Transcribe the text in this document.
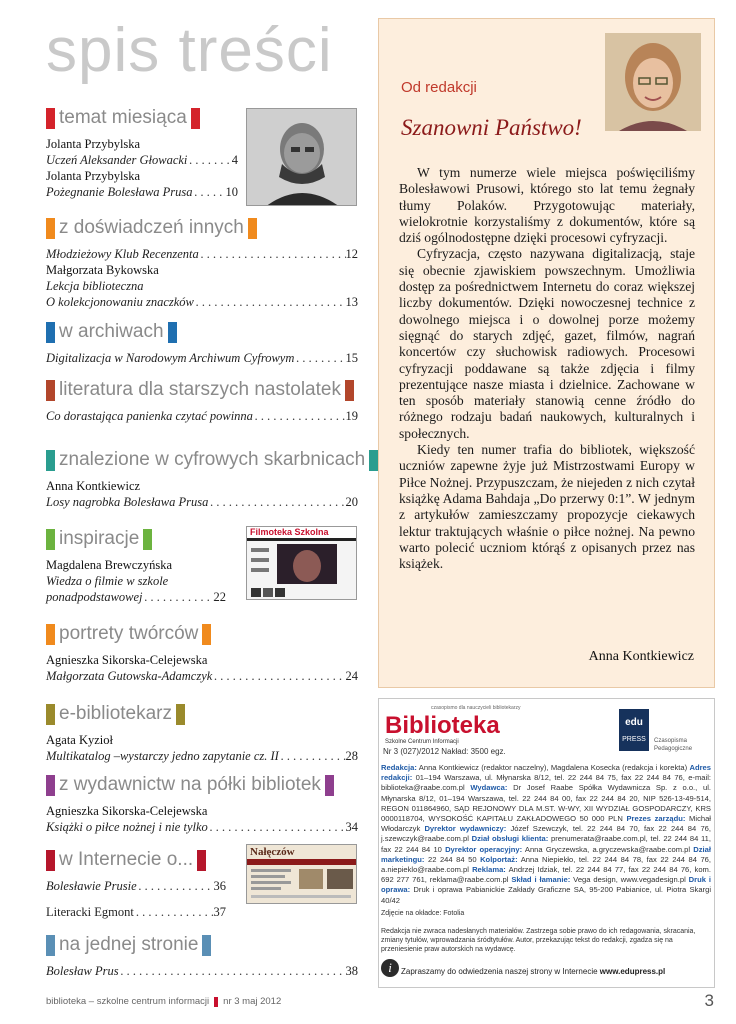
spis treści
temat miesiąca
Jolanta Przybylska
Uczeń Aleksander Głowacki . . .	4
Jolanta Przybylska
Pożegnanie Bolesława Prusa . . .	10
z doświadczeń innych
Młodzieżowy Klub Recenzenta . . .	12
Małgorzata Bykowska
Lekcja biblioteczna
O kolekcjonowaniu znaczków . . .	13
w archiwach
Digitalizacja w Narodowym Archiwum Cyfrowym . . .	15
literatura dla starszych nastolatek
Co dorastająca panienka czytać powinna . . .	19
znalezione w cyfrowych skarbnicach
Anna Kontkiewicz
Losy nagrobka Bolesława Prusa . . .	20
inspiracje
Magdalena Brewczyńska
Wiedza o filmie w szkole
ponadpodstawowej . . .	22
portrety twórców
Agnieszka Sikorska-Celejewska
Małgorzata Gutowska-Adamczyk . . .	24
e-bibliotekarz
Agata Kyzioł
Multikatalog –wystarczy jedno zapytanie cz. II . . .	28
z wydawnictw na półki bibliotek
Agnieszka Sikorska-Celejewska
Książki o piłce nożnej i nie tylko . . .	34
w Internecie o...
Bolesławie Prusie . . .	36
Literacki Egmont . . .	37
na jednej stronie
Bolesław Prus . . .	38
Filmoteka Szkolna
Nałęczów
Od redakcji
Szanowni Państwo!

W tym numerze wiele miejsca poświęciliśmy Bolesławowi Prusowi, którego sto lat temu żegnały tłumy Polaków. Przygotowując materiały, wielokrotnie korzystaliśmy z dokumentów, które są dziś ogólnodostępne dzięki procesowi cyfryzacji.

Cyfryzacja, często nazywana digitalizacją, staje się obecnie zjawiskiem powszechnym. Umożliwia dostęp za pośrednictwem Internetu do coraz większej liczby dokumentów. Dzięki nowoczesnej technice z dowolnego miejsca i o dowolnej porze możemy sięgnąć do starych zdjęć, gazet, filmów, nagrań koncertów czy słuchowisk radiowych. Procesowi cyfryzacji poddawane są także zdjęcia i filmy prezentujące nasze miasta i dzielnice. Zachowane w ten sposób materiały stanowią cenne źródło do różnego rodzaju badań naukowych, kulturalnych i społecznych.

Kiedy ten numer trafia do bibliotek, większość uczniów zapewne żyje już Mistrzostwami Europy w Piłce Nożnej. Przypuszczam, że niejeden z nich czytał książkę Adama Bahdaja „Do przerwy 0:1”. W jednym z artykułów zamieszczamy propozycje ciekawych lektur traktujących właśnie o piłce nożnej. Na pewno warto polecić uczniom którąś z opisanych przez nas książek.

Anna Kontkiewicz
czasopismo dla nauczycieli bibliotekarzy
Biblioteka
Szkolne Centrum Informacji
Nr 3 (027)/2012 Nakład: 3500 egz.
edu
PRESS	Czasopisma Pedagogiczne
Redakcja: Anna Kontkiewicz (redaktor naczelny), Magdalena Kosecka (redakcja i korekta) Adres redakcji: 01–194 Warszawa, ul. Młynarska 8/12, tel. 22 244 84 75, fax 22 244 84 76, e-mail: biblioteka@raabe.com.pl Wydawca: Dr Josef Raabe Spółka Wydawnicza Sp. z o.o., ul. Młynarska 8/12, 01–194 Warszawa, tel. 22 244 84 00, fax 22 244 84 20, NIP 526-13-49-514, REGON 011864960, SĄD REJONOWY DLA M.ST. W-WY, XII WYDZIAŁ GOSPODARCZY, KRS 0000118704, WYSOKOŚĆ KAPITAŁU ZAKŁADOWEGO 50 000 PLN Prezes zarządu: Michał Włodarczyk Dyrektor wydawniczy: Józef Szewczyk, tel. 22 244 84 70, fax 22 244 84 76, j.szewczyk@raabe.com.pl Dział obsługi klienta: prenumerata@raabe.com.pl, tel. 22 244 84 11, fax 22 244 84 10 Dyrektor operacyjny: Anna Gryczewska, a.gryczewska@raabe.com.pl Dział marketingu: 22 244 84 50 Kolportaż: Anna Niepiekło, tel. 22 244 84 78, fax 22 244 84 76, a.niepieklo@raabe.com.pl Reklama: Andrzej Idziak, tel. 22 244 84 77, fax 22 244 84 76, kom. 692 277 761, reklama@raabe.com.pl Skład i łamanie: Vega design, www.vegadesign.pl Druk i oprawa: Druk i oprawa Pabianickie Zakłady Graficzne SA, 95-200 Pabianice, ul. Piotra Skargi 40/42
Zdjęcie na okładce: Fotolia
Redakcja nie zwraca nadesłanych materiałów. Zastrzega sobie prawo do ich redagowania, skracania, zmiany tytułów, wprowadzania śródtytułów. Autor, przekazując tekst do redakcji, zgadza się na przeniesienie praw autorskich na wydawcę.
i	Zapraszamy do odwiedzenia naszej strony w Internecie www.edupress.pl
biblioteka – szkolne centrum informacji nr 3 maj 2012	3
